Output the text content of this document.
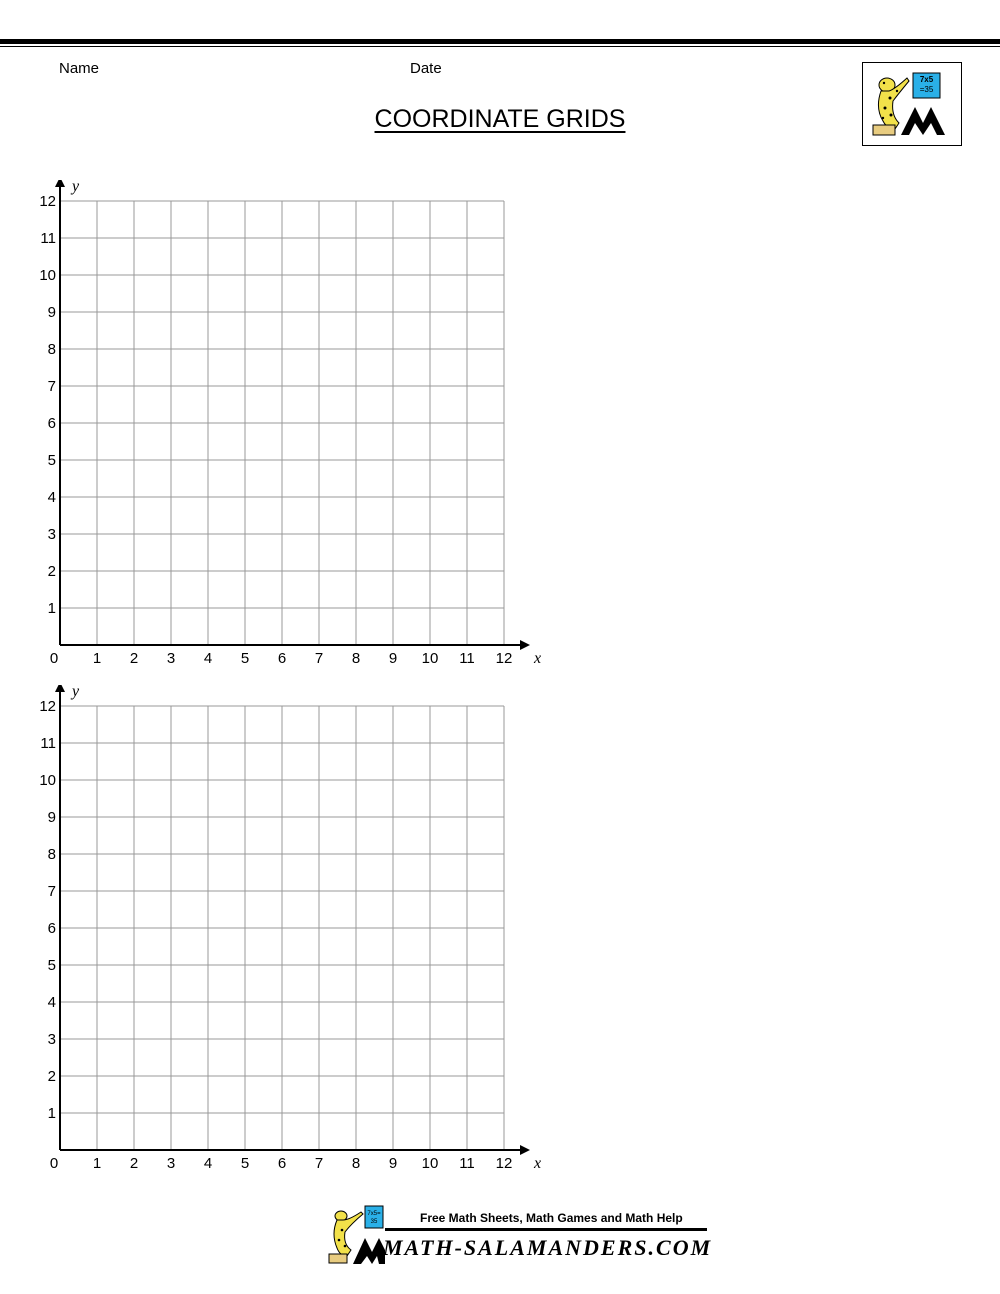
Name	Date
COORDINATE GRIDS
7x5
=35
0 1 2 3 4 5 6 7 8 9 10 11 12
1
2
3
4
5
6
7
8
9
10
11
12
x
y
0 1 2 3 4 5 6 7 8 9 10 11 12
1
2
3
4
5
6
7
8
9
10
11
12
x
y
7x5=
35	Free Math Sheets, Math Games and Math Help
MATH-SALAMANDERS.COM
